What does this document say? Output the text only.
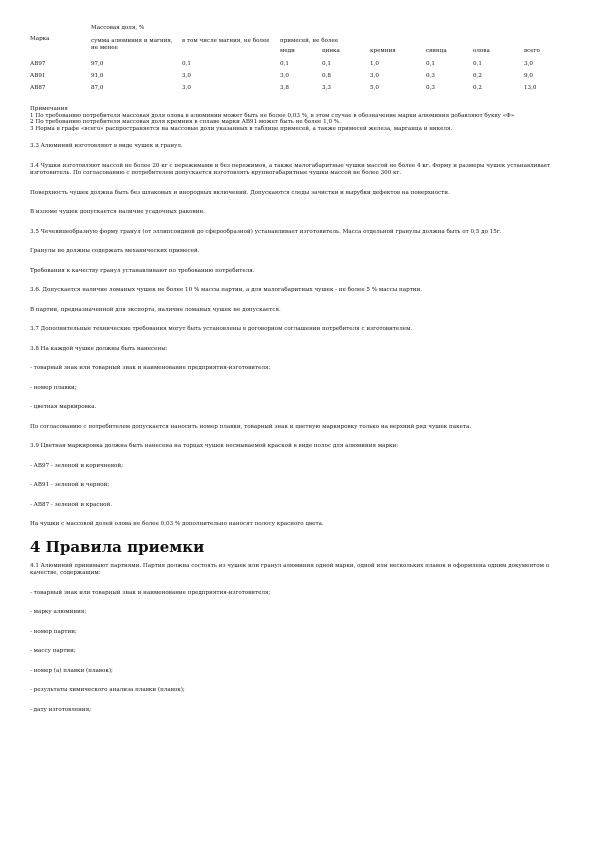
Марка
Массовая доля, %
сумма алюминия и магния, не менее
в том числе магния, не более	примесей, не более
меди	цинка	кремния	свинца	олова	всего
АВ97	97,0	0,1	0,1	0,1	1,0	0,1	0,1	3,0
АВ91	91,0	3,0	3,0	0,8	3,0	0,3	0,2	9,0
АВ87	87,0	3,0	3,8	3,3	5,0	0,3	0,2	13,0
Примечания
1 По требованию потребителя массовая доля олова в алюминии может быть не более 0,03 %, в этом случае в обозначение марки алюминия добавляют букву «Ф»
2 По требованию потребителя массовая доля кремния в сплаве марки АВ91 может быть не более 1,0 %.
3 Норма в графе «всего» распространяется на массовые доли указанных в таблице примесей, а также примесей железа, марганца и никеля.

3.3 Алюминий изготовляют в виде чушек и гранул.

3.4 Чушки изготовляют массой не более 20 кг с пережимами и без пережимов, а также малогабаритные чушки массой не более 4 кг. Форму и размеры чушек устанавливает изготовитель. По согласованию с потребителем допускается изготовлять крупногабаритные чушки массой не более 300 кг.

Поверхность чушек должна быть без шлаковых и инородных включений. Допускаются следы зачистки и вырубки дефектов на поверхности.

В изломе чушек допускается наличие усадочных раковин.

3.5 Чечевицеобразную форму гранул (от эллипсоидной до сферообразной) устанавливает изготовитель. Масса отдельной гранулы должна быть от 0,5 до 15г.

Гранулы не должны содержать механических примесей.

Требования к качеству гранул устанавливают по требованию потребителя.

3.6. Допускается наличие ломаных чушек не более 10 % массы партии, а для малогабаритных чушек - не более 5 % массы партии.

В партии, предназначенной для экспорта, наличие ломаных чушек не допускается.

3.7 Дополнительные технические требования могут быть установлены в договорном соглашении потребителя с изготовителем.

3.8 На каждой чушке должны быть нанесены:

- товарный знак или товарный знак и наименование предприятия-изготовителя;

- номер плавки;

- цветная маркировка.

По согласованию с потребителем допускается наносить номер плавки, товарный знак и цветную маркировку только на верхний ряд чушек пакета.

3.9 Цветная маркировка должна быть нанесена на торцах чушек несмываемой краской в виде полос для алюминия марки:

- АВ97 - зеленой и коричневой;

- АВ91 - зеленой и черной;

- АВ87 - зеленой и красной.

На чушки с массовой долей олова не более 0,03 % дополнительно наносят полосу красного цвета.

4 Правила приемки

4.1 Алюминий принимают партиями. Партия должна состоять из чушек или гранул алюминия одной марки, одной или нескольких плавок и оформлена одним документом о качестве, содержащим:

- товарный знак или товарный знак и наименование предприятия-изготовителя;

- марку алюминия;

- номер партии;

- массу партии;

- номер (а) плавки (плавок);

- результаты химического анализа плавки (плавок);

- дату изготовления;
